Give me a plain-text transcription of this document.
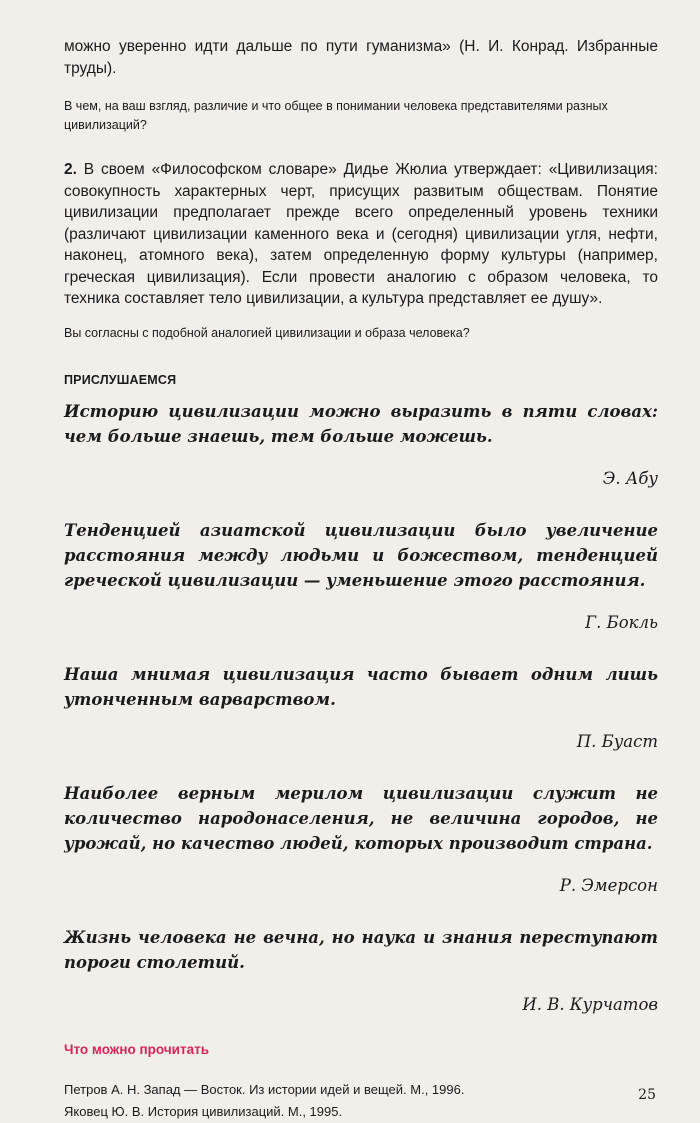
можно уверенно идти дальше по пути гуманизма» (Н. И. Конрад. Избранные труды).

В чем, на ваш взгляд, различие и что общее в понимании человека представителями разных цивилизаций?

2. В своем «Философском словаре» Дидье Жюлиа утверждает: «Цивилизация: совокупность характерных черт, присущих развитым обществам. Понятие цивилизации предполагает прежде всего определенный уровень техники (различают цивилизации каменного века и (сегодня) цивилизации угля, нефти, наконец, атомного века), затем определенную форму культуры (например, греческая цивилизация). Если провести аналогию с образом человека, то техника составляет тело цивилизации, а культура представляет ее душу».

Вы согласны с подобной аналогией цивилизации и образа человека?

ПРИСЛУШАЕМСЯ

Историю цивилизации можно выразить в пяти словах: чем больше знаешь, тем больше можешь.

Э. Абу

Тенденцией азиатской цивилизации было увеличение расстояния между людьми и божеством, тенденцией греческой цивилизации — уменьшение этого расстояния.

Г. Бокль

Наша мнимая цивилизация часто бывает одним лишь утонченным варварством.

П. Буаст

Наиболее верным мерилом цивилизации служит не количество народонаселения, не величина городов, не урожай, но качество людей, которых производит страна.

Р. Эмерсон

Жизнь человека не вечна, но наука и знания переступают пороги столетий.

И. В. Курчатов

Что можно прочитать

Петров А. Н. Запад — Восток. Из истории идей и вещей. М., 1996.

Яковец Ю. В. История цивилизаций. М., 1995.

25
